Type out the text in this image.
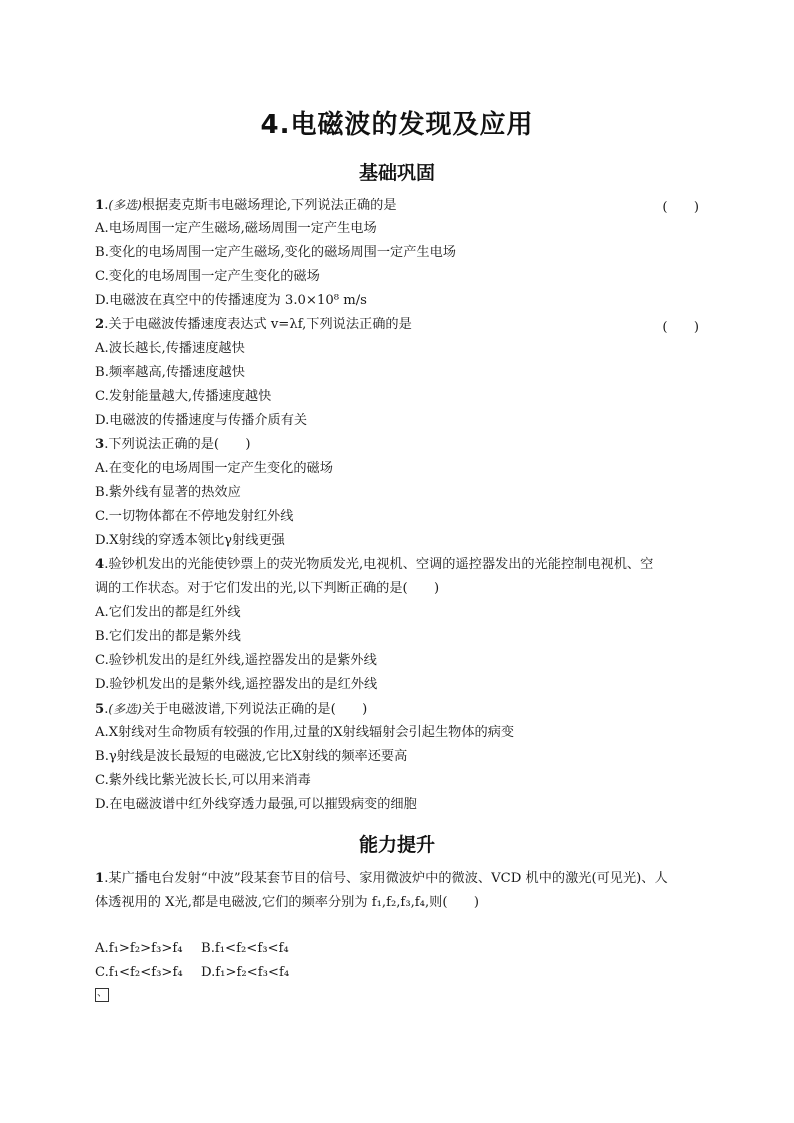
4.电磁波的发现及应用
基础巩固
1.(多选)根据麦克斯韦电磁场理论,下列说法正确的是	(　　)
A.电场周围一定产生磁场,磁场周围一定产生电场
B.变化的电场周围一定产生磁场,变化的磁场周围一定产生电场
C.变化的电场周围一定产生变化的磁场
D.电磁波在真空中的传播速度为 3.0×10⁸ m/s
2.关于电磁波传播速度表达式 v=λf,下列说法正确的是	(　　)
A.波长越长,传播速度越快
B.频率越高,传播速度越快
C.发射能量越大,传播速度越快
D.电磁波的传播速度与传播介质有关
3.下列说法正确的是(　　)
A.在变化的电场周围一定产生变化的磁场
B.紫外线有显著的热效应
C.一切物体都在不停地发射红外线
D.X射线的穿透本领比γ射线更强
4.验钞机发出的光能使钞票上的荧光物质发光,电视机、空调的遥控器发出的光能控制电视机、空
调的工作状态。对于它们发出的光,以下判断正确的是(　　)
A.它们发出的都是红外线
B.它们发出的都是紫外线
C.验钞机发出的是红外线,遥控器发出的是紫外线
D.验钞机发出的是紫外线,遥控器发出的是红外线
5.(多选)关于电磁波谱,下列说法正确的是(　　)
A.X射线对生命物质有较强的作用,过量的X射线辐射会引起生物体的病变
B.γ射线是波长最短的电磁波,它比X射线的频率还要高
C.紫外线比紫光波长长,可以用来消毒
D.在电磁波谱中红外线穿透力最强,可以摧毁病变的细胞
能力提升
1.某广播电台发射“中波”段某套节目的信号、家用微波炉中的微波、VCD 机中的激光(可见光)、人
体透视用的 X光,都是电磁波,它们的频率分别为 f₁,f₂,f₃,f₄,则(　　)
A.f₁>f₂>f₃>f₄ B.f₁<f₂<f₃<f₄
C.f₁<f₂<f₃>f₄ D.f₁>f₂<f₃<f₄
、
